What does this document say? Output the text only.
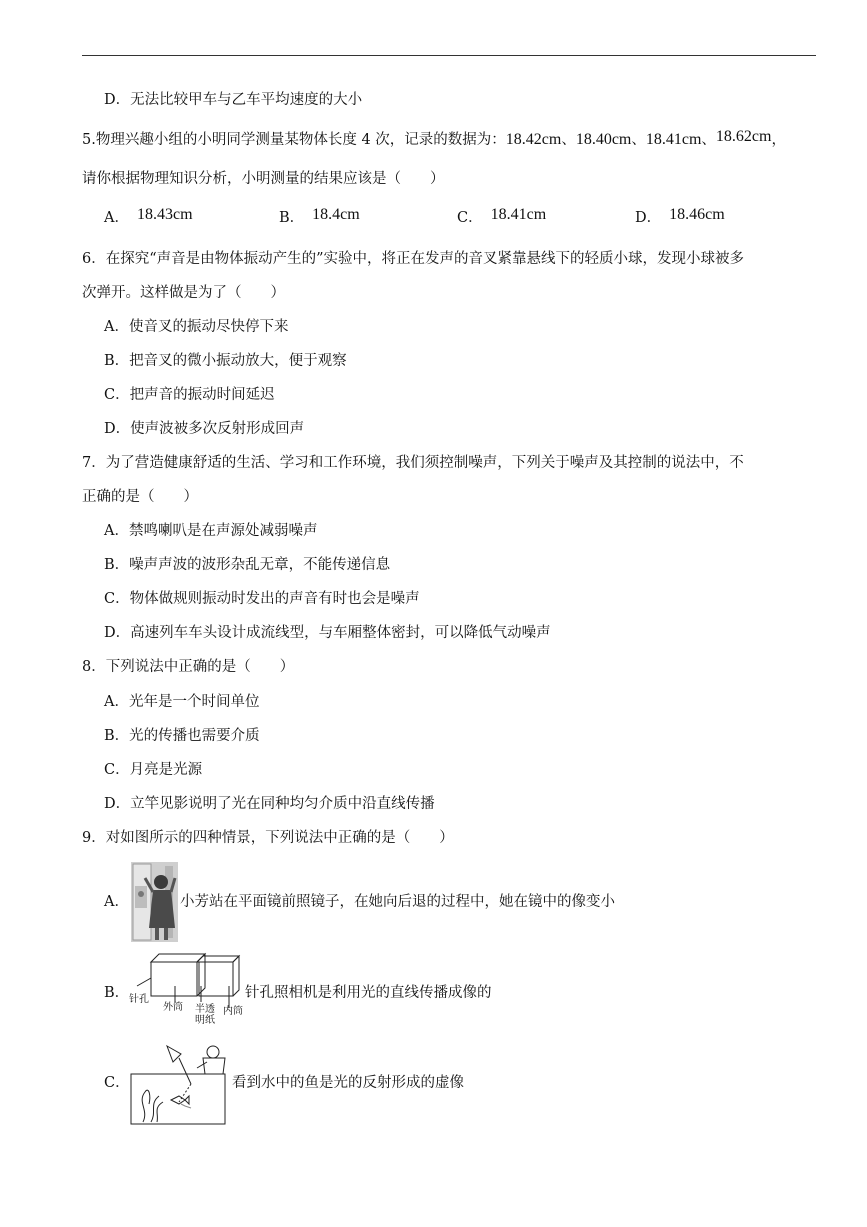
D．无法比较甲车与乙车平均速度的大小
5.物理兴趣小组的小明同学测量某物体长度 4 次，记录的数据为：18.42cm、18.40cm、18.41cm、18.62cm，
请你根据物理知识分析，小明测量的结果应该是（　　）
A． 18.43cm	B． 18.4cm	C． 18.41cm	D． 18.46cm
6．在探究“声音是由物体振动产生的”实验中，将正在发声的音叉紧靠悬线下的轻质小球，发现小球被多
次弹开。这样做是为了（　　）
A．使音叉的振动尽快停下来
B．把音叉的微小振动放大，便于观察
C．把声音的振动时间延迟
D．使声波被多次反射形成回声
7．为了营造健康舒适的生活、学习和工作环境，我们须控制噪声，下列关于噪声及其控制的说法中，不
正确的是（　　）
A．禁鸣喇叭是在声源处减弱噪声
B．噪声声波的波形杂乱无章，不能传递信息
C．物体做规则振动时发出的声音有时也会是噪声
D．高速列车车头设计成流线型，与车厢整体密封，可以降低气动噪声
8．下列说法中正确的是（　　）
A．光年是一个时间单位
B．光的传播也需要介质
C．月亮是光源
D．立竿见影说明了光在同种均匀介质中沿直线传播
9．对如图所示的四种情景，下列说法中正确的是（　　）
A．	小芳站在平面镜前照镜子，在她向后退的过程中，她在镜中的像变小
B． 针孔
外筒 半透
明纸
内筒
针孔照相机是利用光的直线传播成像的
C．	看到水中的鱼是光的反射形成的虚像
